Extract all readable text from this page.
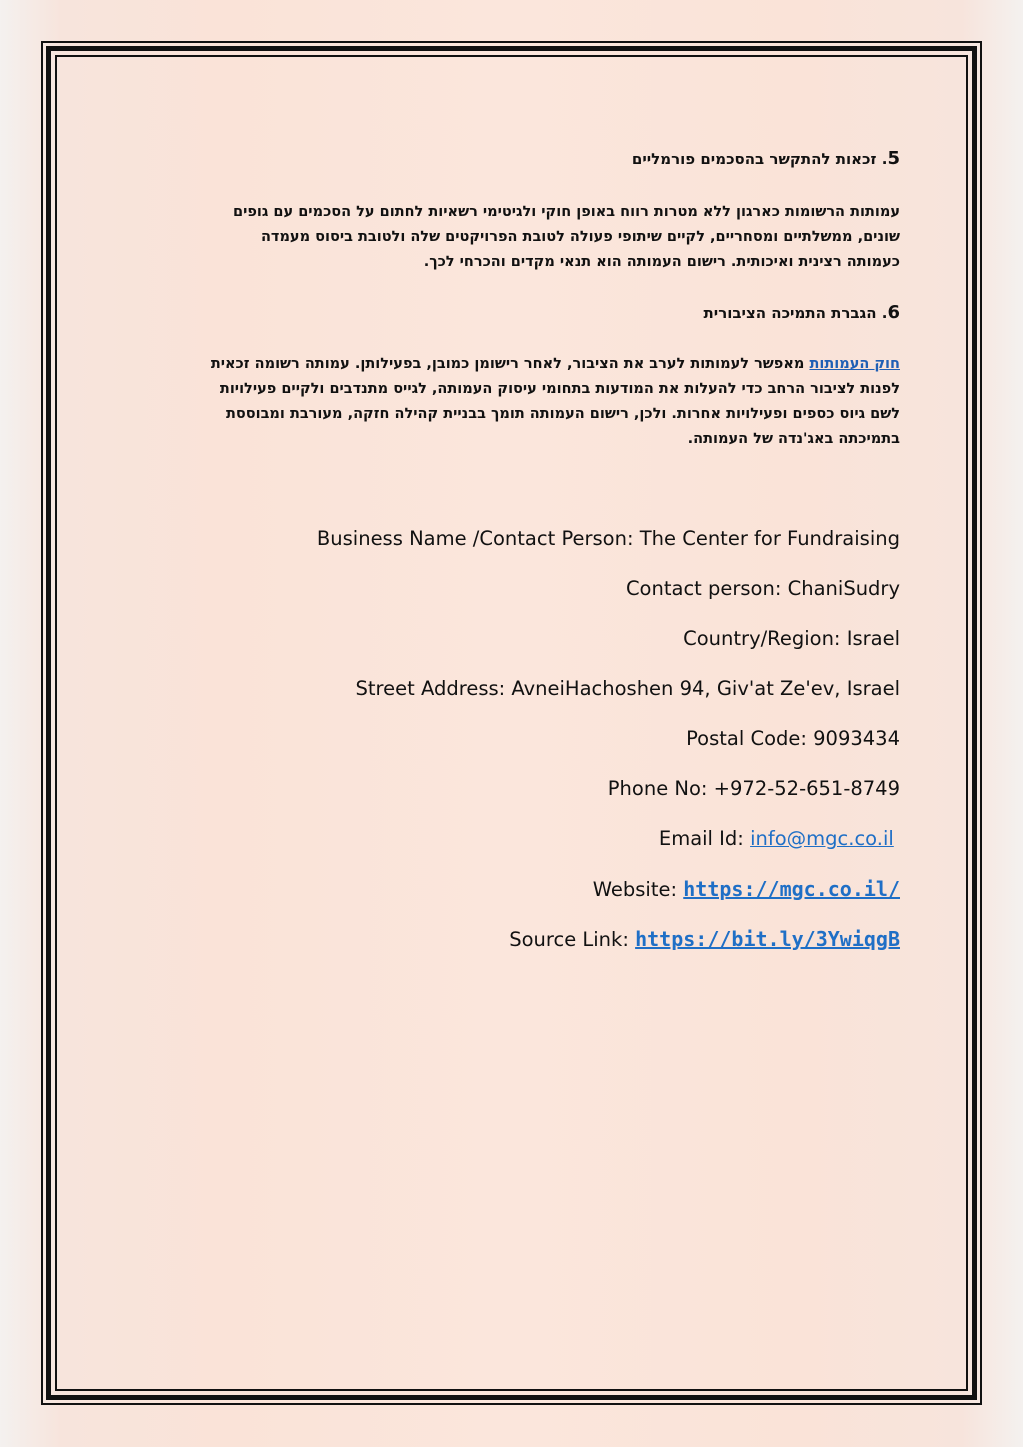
5. זכאות להתקשר בהסכמים פורמליים

עמותות הרשומות כארגון ללא מטרות רווח באופן חוקי ולגיטימי רשאיות לחתום על הסכמים עם גופים

שונים, ממשלתיים ומסחריים, לקיים שיתופי פעולה לטובת הפרויקטים שלה ולטובת ביסוס מעמדה

כעמותה רצינית ואיכותית. רישום העמותה הוא תנאי מקדים והכרחי לכך.

6. הגברת התמיכה הציבורית

חוק העמותות מאפשר לעמותות לערב את הציבור, לאחר רישומן כמובן, בפעילותן. עמותה רשומה זכאית

לפנות לציבור הרחב כדי להעלות את המודעות בתחומי עיסוק העמותה, לגייס מתנדבים ולקיים פעילויות

לשם גיוס כספים ופעילויות אחרות. ולכן, רישום העמותה תומך בבניית קהילה חזקה, מעורבת ומבוססת

בתמיכתה באג'נדה של העמותה.

Business Name /Contact Person: The Center for Fundraising

Contact person: ChaniSudry

Country/Region: Israel

Street Address: AvneiHachoshen 94, Giv'at Ze'ev, Israel

Postal Code: 9093434

Phone No: +972-52-651-8749

Email Id: info@mgc.co.il

Website: https://mgc.co.il/

Source Link: https://bit.ly/3YwiqgB
